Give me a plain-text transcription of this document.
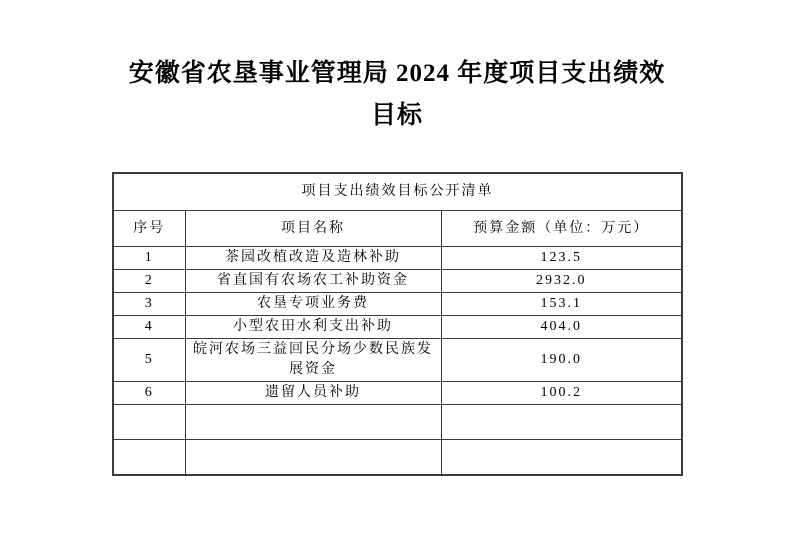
安徽省农垦事业管理局 2024 年度项目支出绩效
目标
项目支出绩效目标公开清单		
序号	项目名称	预算金额（单位：万元）
1	茶园改植改造及造林补助	123.5
2	省直国有农场农工补助资金	2932.0
3	农垦专项业务费	153.1
4	小型农田水利支出补助	404.0
5	皖河农场三益回民分场少数民族发展资金	190.0
6	遗留人员补助	100.2
